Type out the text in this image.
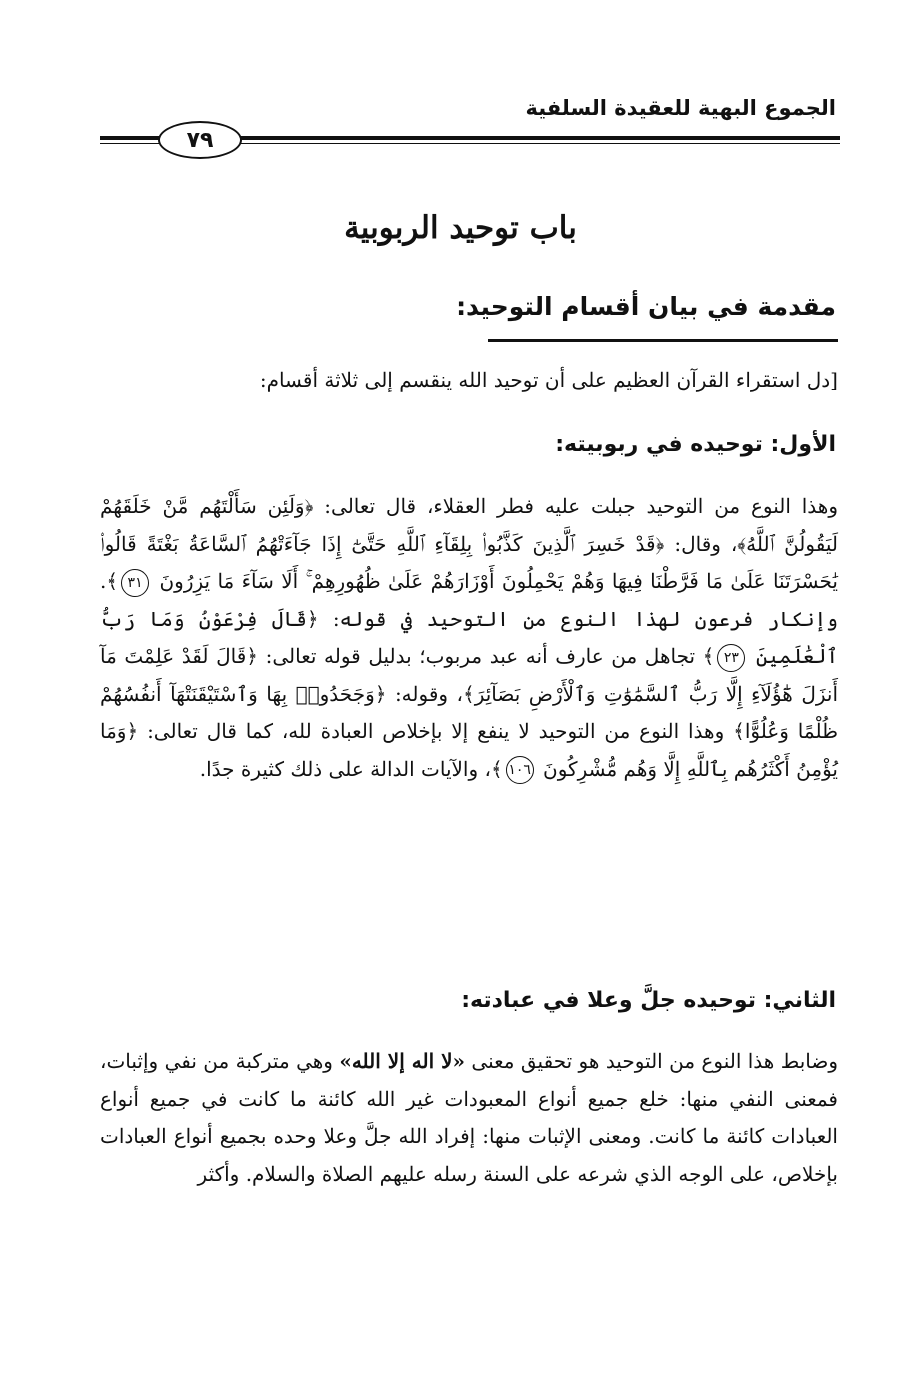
الجموع البهية للعقيدة السلفية
٧٩
باب توحيد الربوبية
مقدمة في بيان أقسام التوحيد:
[دل استقراء القرآن العظيم على أن توحيد الله ينقسم إلى ثلاثة أقسام:
الأول: توحيده في ربوبيته:
وهذا النوع من التوحيد جبلت عليه فطر العقلاء، قال تعالى: ﴿وَلَئِن سَأَلْتَهُم مَّنْ خَلَقَهُمْ لَيَقُولُنَّ ٱللَّهُ﴾، وقال: ﴿قَدْ خَسِرَ ٱلَّذِينَ كَذَّبُوا۟ بِلِقَآءِ ٱللَّهِ حَتَّىٰٓ إِذَا جَآءَتْهُمُ ٱلسَّاعَةُ بَغْتَةً قَالُوا۟ يَٰحَسْرَتَنَا عَلَىٰ مَا فَرَّطْنَا فِيهَا وَهُمْ يَحْمِلُونَ أَوْزَارَهُمْ عَلَىٰ ظُهُورِهِمْ ۚ أَلَا سَآءَ مَا يَزِرُونَ ٣١﴾. وإنكار فرعون لهذا النوع من التوحيد في قوله: ﴿قَالَ فِرْعَوْنُ وَمَا رَبُّ ٱلْعَٰلَمِينَ ٢٣﴾ تجاهل من عارف أنه عبد مربوب؛ بدليل قوله تعالى: ﴿قَالَ لَقَدْ عَلِمْتَ مَآ أَنزَلَ هَٰٓؤُلَآءِ إِلَّا رَبُّ ٱلسَّمَٰوَٰتِ وَٱلْأَرْضِ بَصَآئِرَ﴾، وقوله: ﴿وَجَحَدُوا۟ بِهَا وَٱسْتَيْقَنَتْهَآ أَنفُسُهُمْ ظُلْمًا وَعُلُوًّا﴾ وهذا النوع من التوحيد لا ينفع إلا بإخلاص العبادة لله، كما قال تعالى: ﴿وَمَا يُؤْمِنُ أَكْثَرُهُم بِٱللَّهِ إِلَّا وَهُم مُّشْرِكُونَ ١٠٦﴾، والآيات الدالة على ذلك كثيرة جدًا.
الثاني: توحيده جلَّ وعلا في عبادته:
وضابط هذا النوع من التوحيد هو تحقيق معنى «لا اله إلا الله» وهي متركبة من نفي وإثبات، فمعنى النفي منها: خلع جميع أنواع المعبودات غير الله كائنة ما كانت في جميع أنواع العبادات كائنة ما كانت. ومعنى الإثبات منها: إفراد الله جلَّ وعلا وحده بجميع أنواع العبادات بإخلاص، على الوجه الذي شرعه على السنة رسله عليهم الصلاة والسلام. وأكثر
